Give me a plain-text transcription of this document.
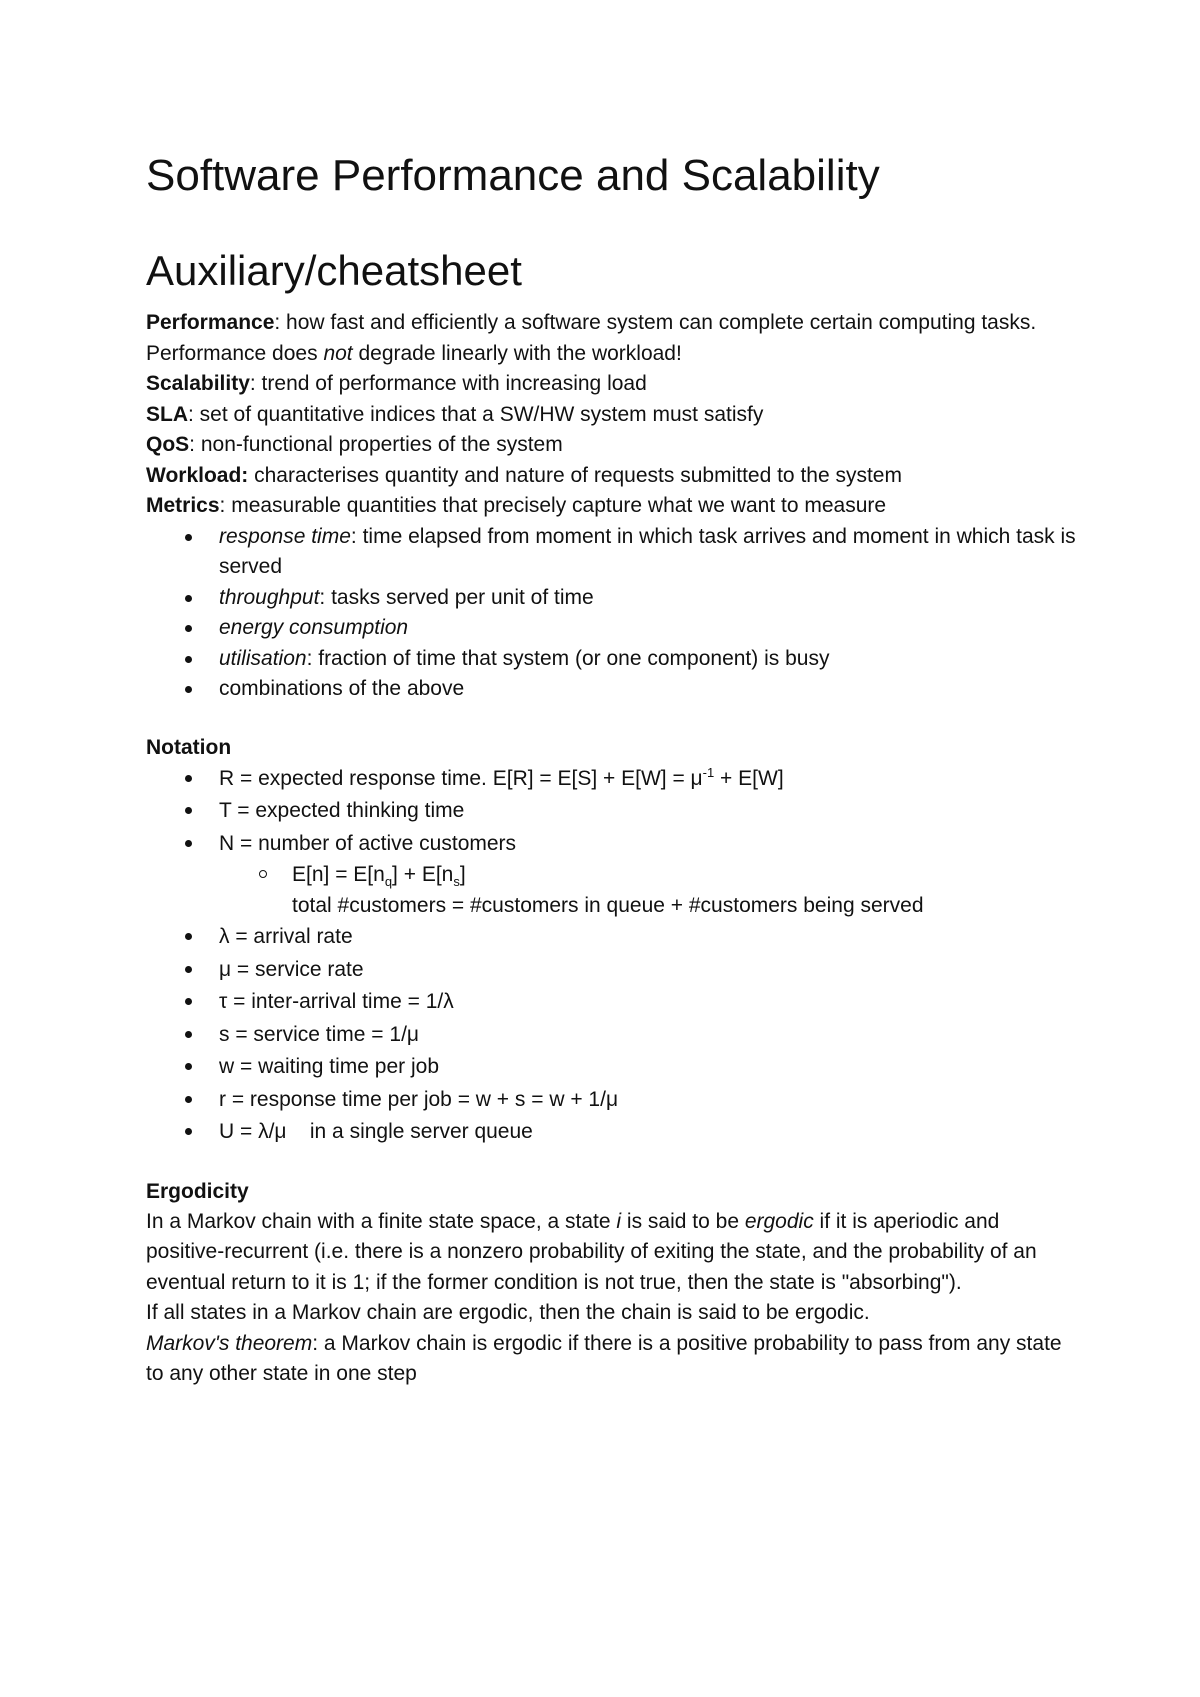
Software Performance and Scalability
Auxiliary/cheatsheet

Performance: how fast and efficiently a software system can complete certain computing tasks. Performance does not degrade linearly with the workload!

Scalability: trend of performance with increasing load

SLA: set of quantitative indices that a SW/HW system must satisfy

QoS: non-functional properties of the system

Workload: characterises quantity and nature of requests submitted to the system

Metrics: measurable quantities that precisely capture what we want to measure

response time: time elapsed from moment in which task arrives and moment in which task is served
throughput: tasks served per unit of time
energy consumption
utilisation: fraction of time that system (or one component) is busy
combinations of the above
Notation
R = expected response time. $E[R] = E[S] + E[W] = \mu^{-1} + E[W]$
T = expected thinking time
N = number of active customers
$E[n] = E[n_q] + E[n_s]$
total #customers = #customers in queue + #customers being served
λ = arrival rate
μ = service rate
τ = inter-arrival time = 1/λ
s = service time = 1/μ
w = waiting time per job
r = response time per job = w + s = w + 1/μ
U = λ/μ    in a single server queue
Ergodicity

In a Markov chain with a finite state space, a state i is said to be ergodic if it is aperiodic and positive-recurrent (i.e. there is a nonzero probability of exiting the state, and the probability of an eventual return to it is 1; if the former condition is not true, then the state is "absorbing").

If all states in a Markov chain are ergodic, then the chain is said to be ergodic.

Markov's theorem: a Markov chain is ergodic if there is a positive probability to pass from any state to any other state in one step
